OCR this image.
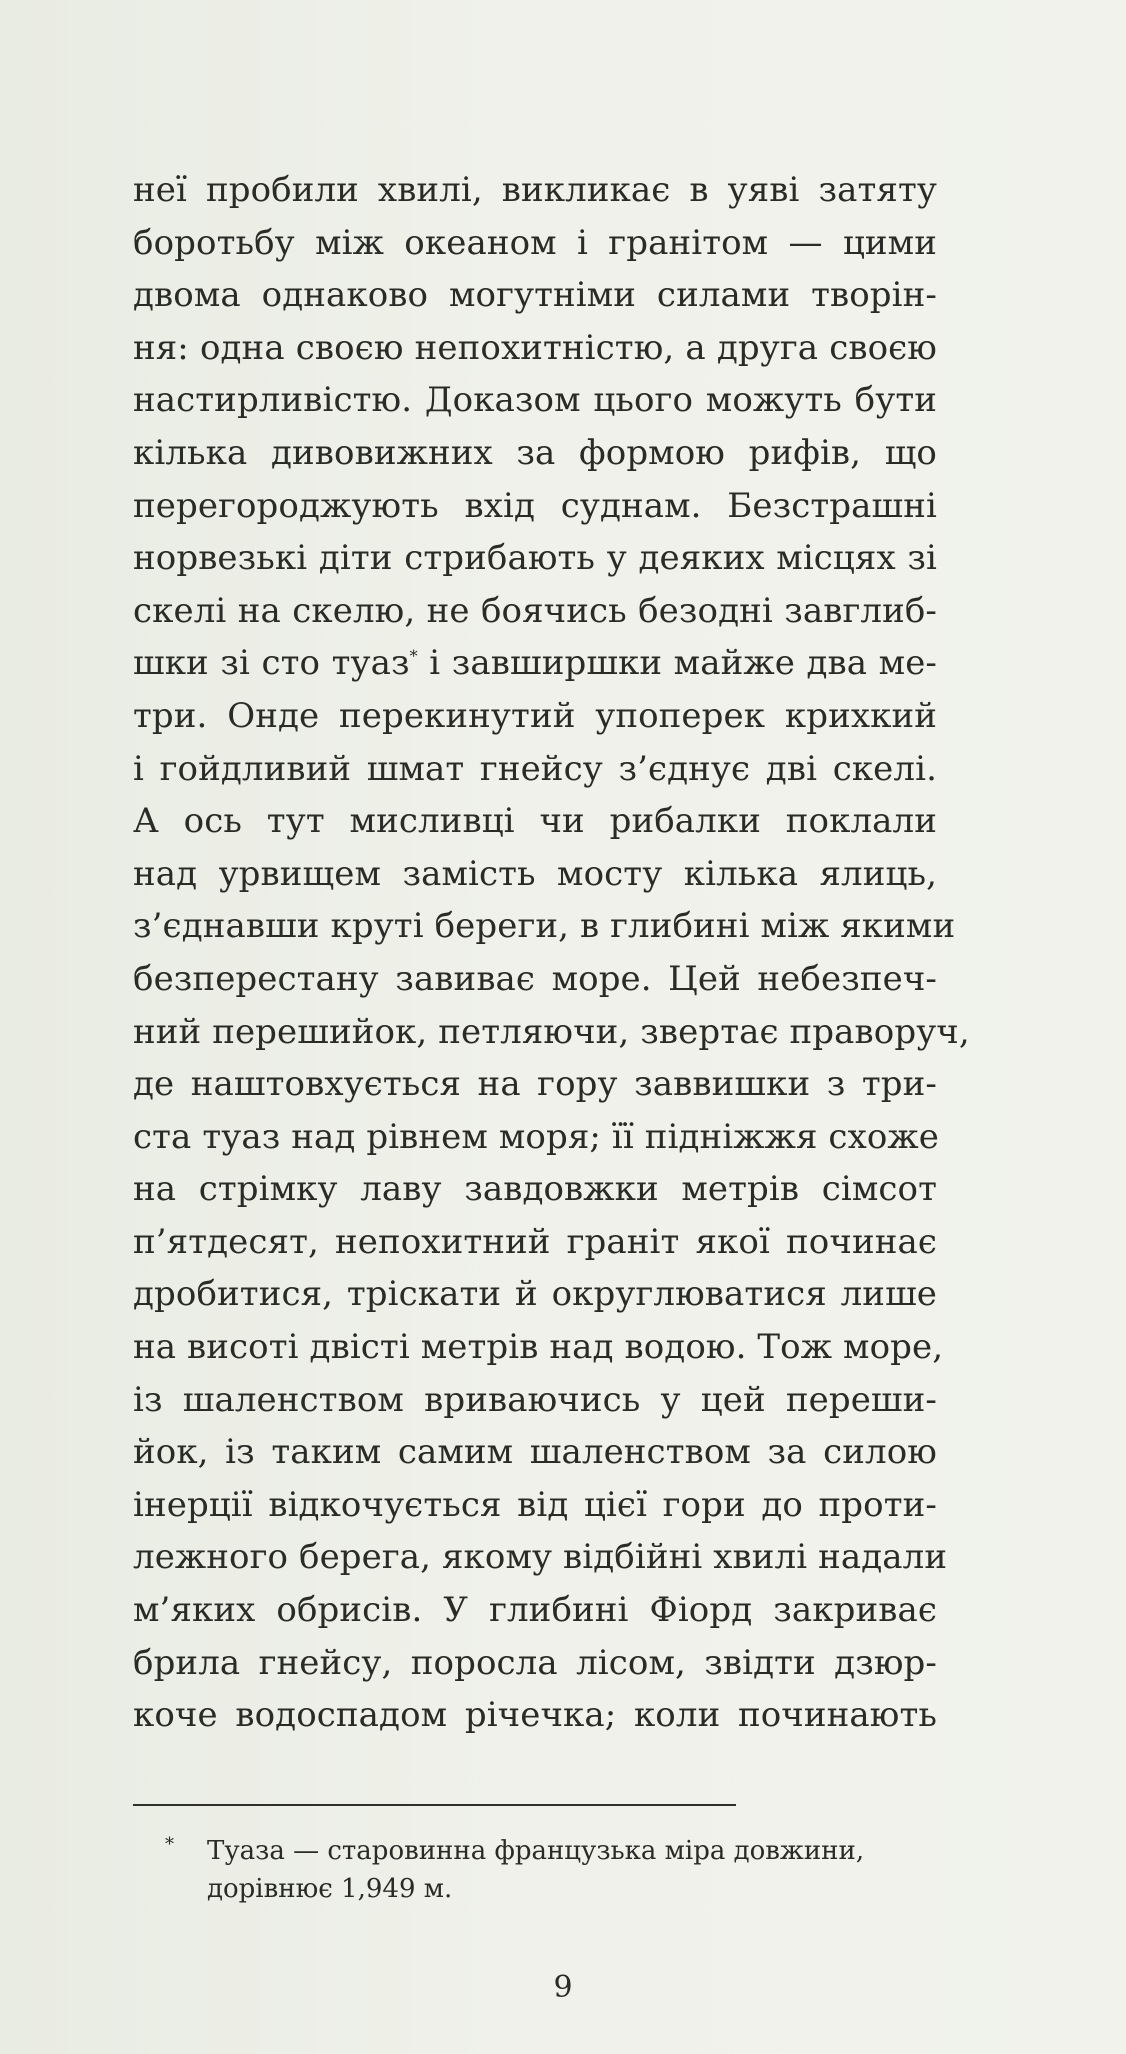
неї пробили хвилі, викликає в уяві затяту
боротьбу між океаном і гранітом — цими
двома однаково могутніми силами творін-
ня: одна своєю непохитністю, а друга своєю
настирливістю. Доказом цього можуть бути
кілька дивовижних за формою рифів, що
перегороджують вхід суднам. Безстрашні
норвезькі діти стрибають у деяких місцях зі
скелі на скелю, не боячись безодні завглиб-
шки зі сто туаз* і завширшки майже два ме-
три. Онде перекинутий упоперек крихкий
і гойдливий шмат гнейсу з’єднує дві скелі.
А ось тут мисливці чи рибалки поклали
над урвищем замість мосту кілька ялиць,
з’єднавши круті береги, в глибині між якими
безперестану завиває море. Цей небезпеч-
ний перешийок, петляючи, звертає праворуч,
де наштовхується на гору заввишки з три-
ста туаз над рівнем моря; її підніжжя схоже
на стрімку лаву завдовжки метрів сімсот
п’ятдесят, непохитний граніт якої починає
дробитися, тріскати й округлюватися лише
на висоті двісті метрів над водою. Тож море,
із шаленством вриваючись у цей переши-
йок, із таким самим шаленством за силою
інерції відкочується від цієї гори до проти-
лежного берега, якому відбійні хвилі надали
м’яких обрисів. У глибині Фіорд закриває
брила гнейсу, поросла лісом, звідти дзюр-
коче водоспадом річечка; коли починають
* Туаза — старовинна французька міра довжини,
дорівнює 1,949 м.
9
